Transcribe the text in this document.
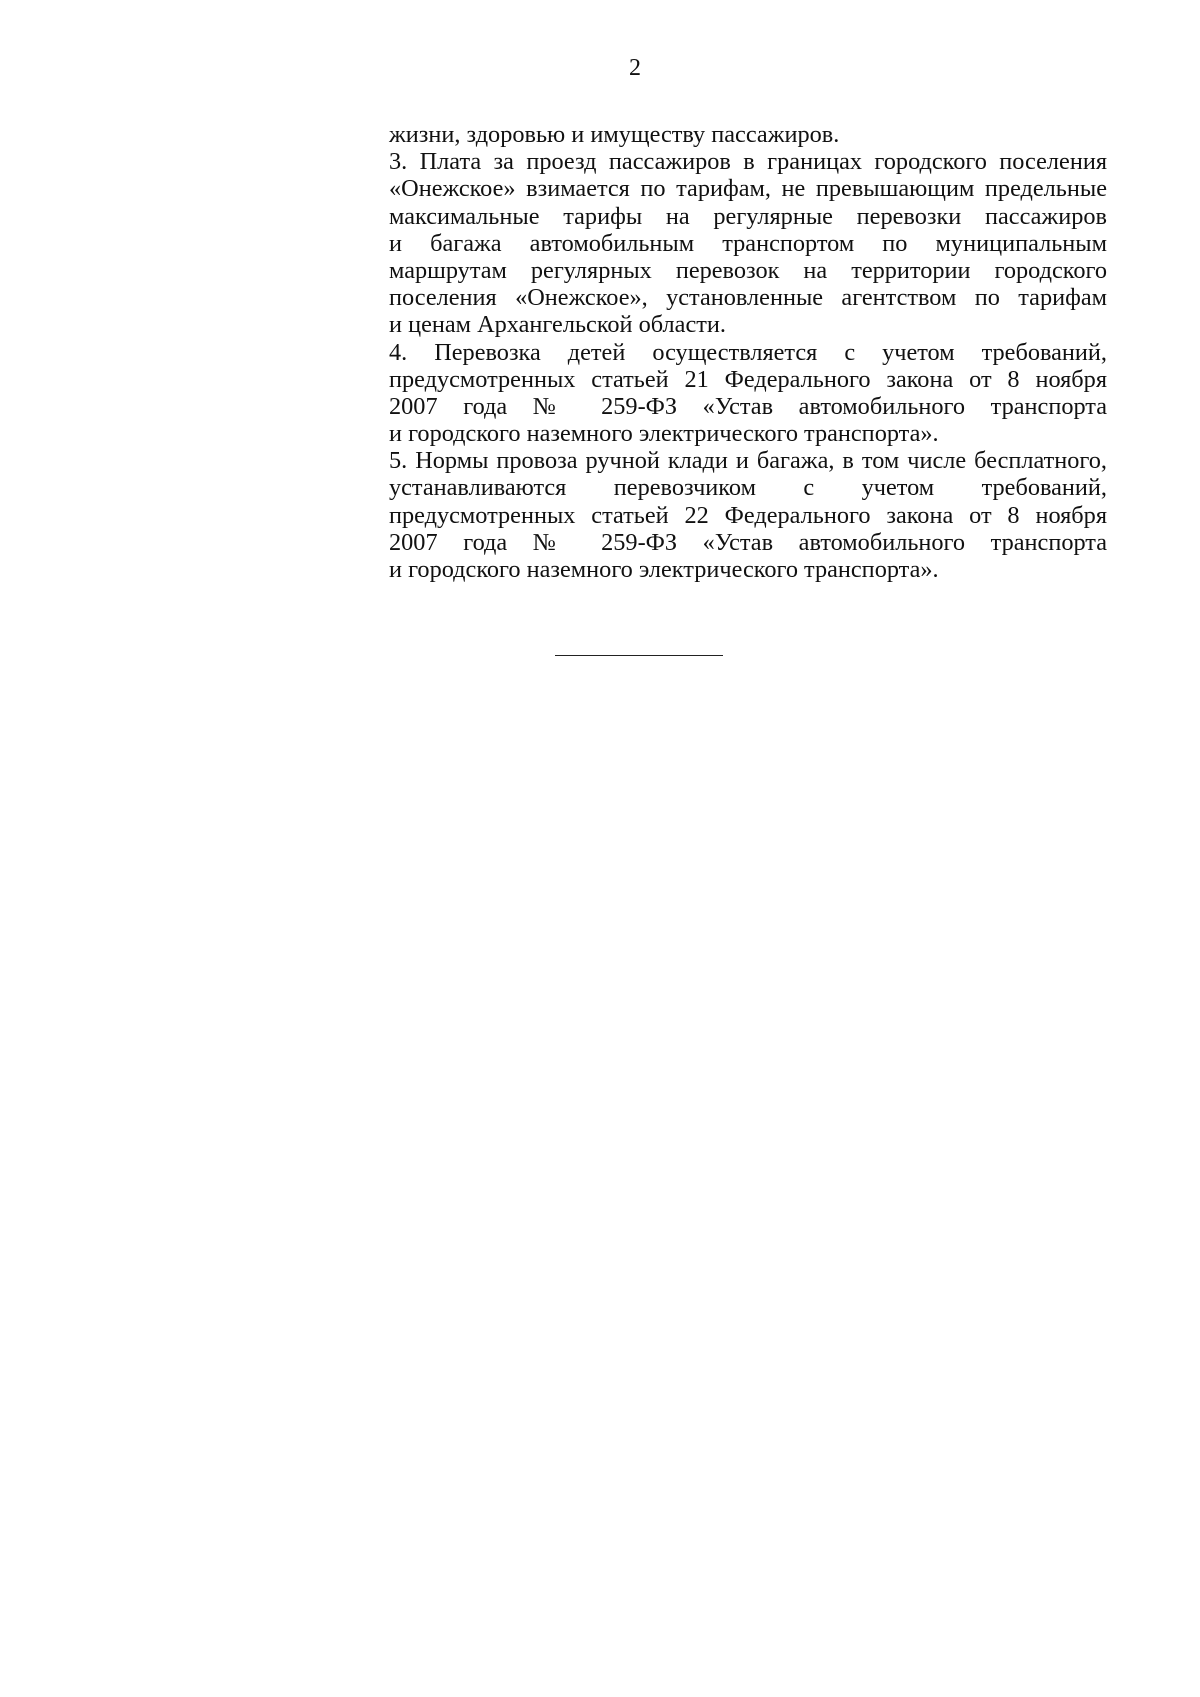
2
жизни, здоровью и имуществу пассажиров.
3. Плата за проезд пассажиров в границах городского поселения
«Онежское» взимается по тарифам, не превышающим предельные
максимальные тарифы на регулярные перевозки пассажиров
и багажа автомобильным транспортом по муниципальным
маршрутам регулярных перевозок на территории городского
поселения «Онежское», установленные агентством по тарифам
и ценам Архангельской области.
4. Перевозка детей осуществляется с учетом требований,
предусмотренных статьей 21 Федерального закона от 8 ноября
2007 года № 259-ФЗ «Устав автомобильного транспорта
и городского наземного электрического транспорта».
5. Нормы провоза ручной клади и багажа, в том числе бесплатного,
устанавливаются перевозчиком с учетом требований,
предусмотренных статьей 22 Федерального закона от 8 ноября
2007 года № 259-ФЗ «Устав автомобильного транспорта
и городского наземного электрического транспорта».
